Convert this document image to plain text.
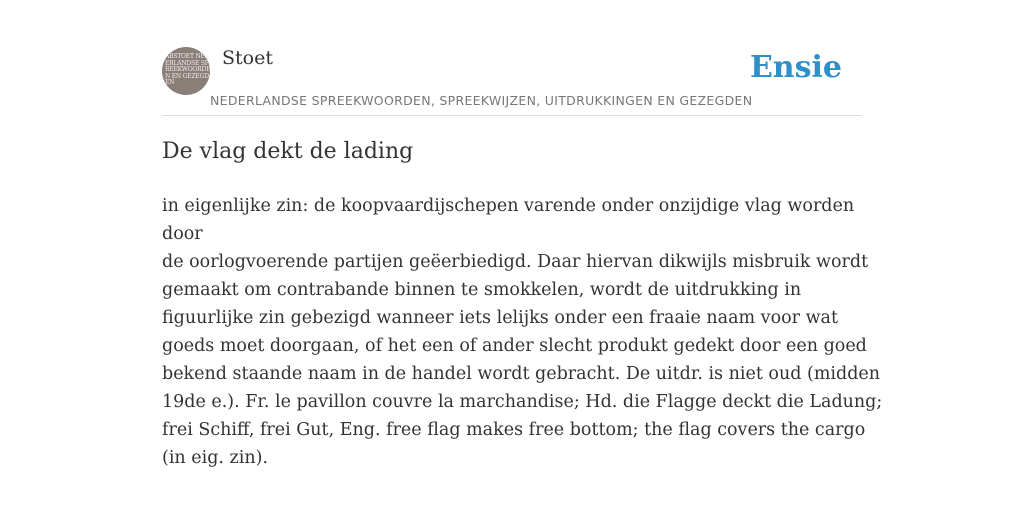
ABSTOET NEDERLANDSE SPREEKWOORDEN EN GEZEGDEN
Stoet
NEDERLANDSE SPREEKWOORDEN, SPREEKWIJZEN, UITDRUKKINGEN EN GEZEGDEN
Ensie
De vlag dekt de lading
in eigenlijke zin: de koopvaardijschepen varende onder onzijdige vlag worden
door
de oorlogvoerende partijen geëerbiedigd. Daar hiervan dikwijls misbruik wordt
gemaakt om contrabande binnen te smokkelen, wordt de uitdrukking in
figuurlijke zin gebezigd wanneer iets lelijks onder een fraaie naam voor wat
goeds moet doorgaan, of het een of ander slecht produkt gedekt door een goed
bekend staande naam in de handel wordt gebracht. De uitdr. is niet oud (midden
19de e.). Fr. le pavillon couvre la marchandise; Hd. die Flagge deckt die Ladung;
frei Schiff, frei Gut, Eng. free flag makes free bottom; the flag covers the cargo
(in eig. zin).
